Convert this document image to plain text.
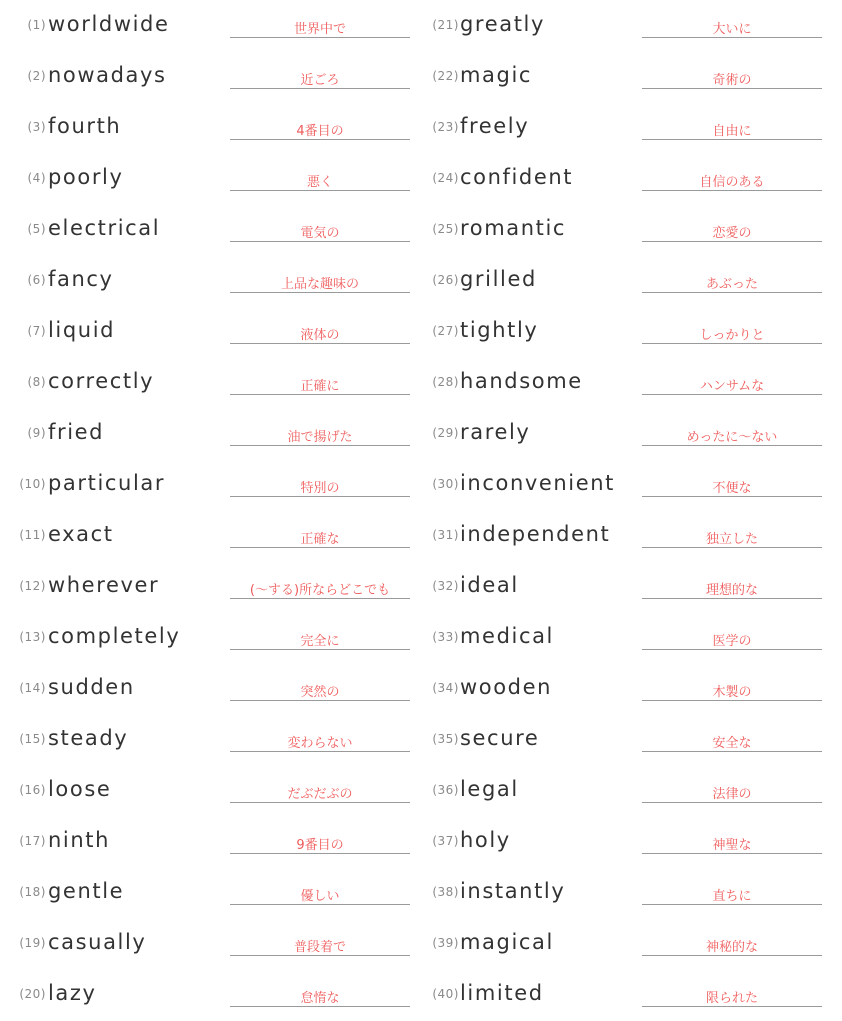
(1) worldwide	世界中で
(2) nowadays	近ごろ
(3) fourth	4番目の
(4) poorly	悪く
(5) electrical	電気の
(6) fancy	上品な趣味の
(7) liquid	液体の
(8) correctly	正確に
(9) fried	油で揚げた
(10) particular	特別の
(11) exact	正確な
(12) wherever	(〜する)所ならどこでも
(13) completely	完全に
(14) sudden	突然の
(15) steady	変わらない
(16) loose	だぶだぶの
(17) ninth	9番目の
(18) gentle	優しい
(19) casually	普段着で
(20) lazy	怠惰な
(21) greatly	大いに
(22) magic	奇術の
(23) freely	自由に
(24) confident	自信のある
(25) romantic	恋愛の
(26) grilled	あぶった
(27) tightly	しっかりと
(28) handsome	ハンサムな
(29) rarely	めったに〜ない
(30) inconvenient	不便な
(31) independent	独立した
(32) ideal	理想的な
(33) medical	医学の
(34) wooden	木製の
(35) secure	安全な
(36) legal	法律の
(37) holy	神聖な
(38) instantly	直ちに
(39) magical	神秘的な
(40) limited	限られた
